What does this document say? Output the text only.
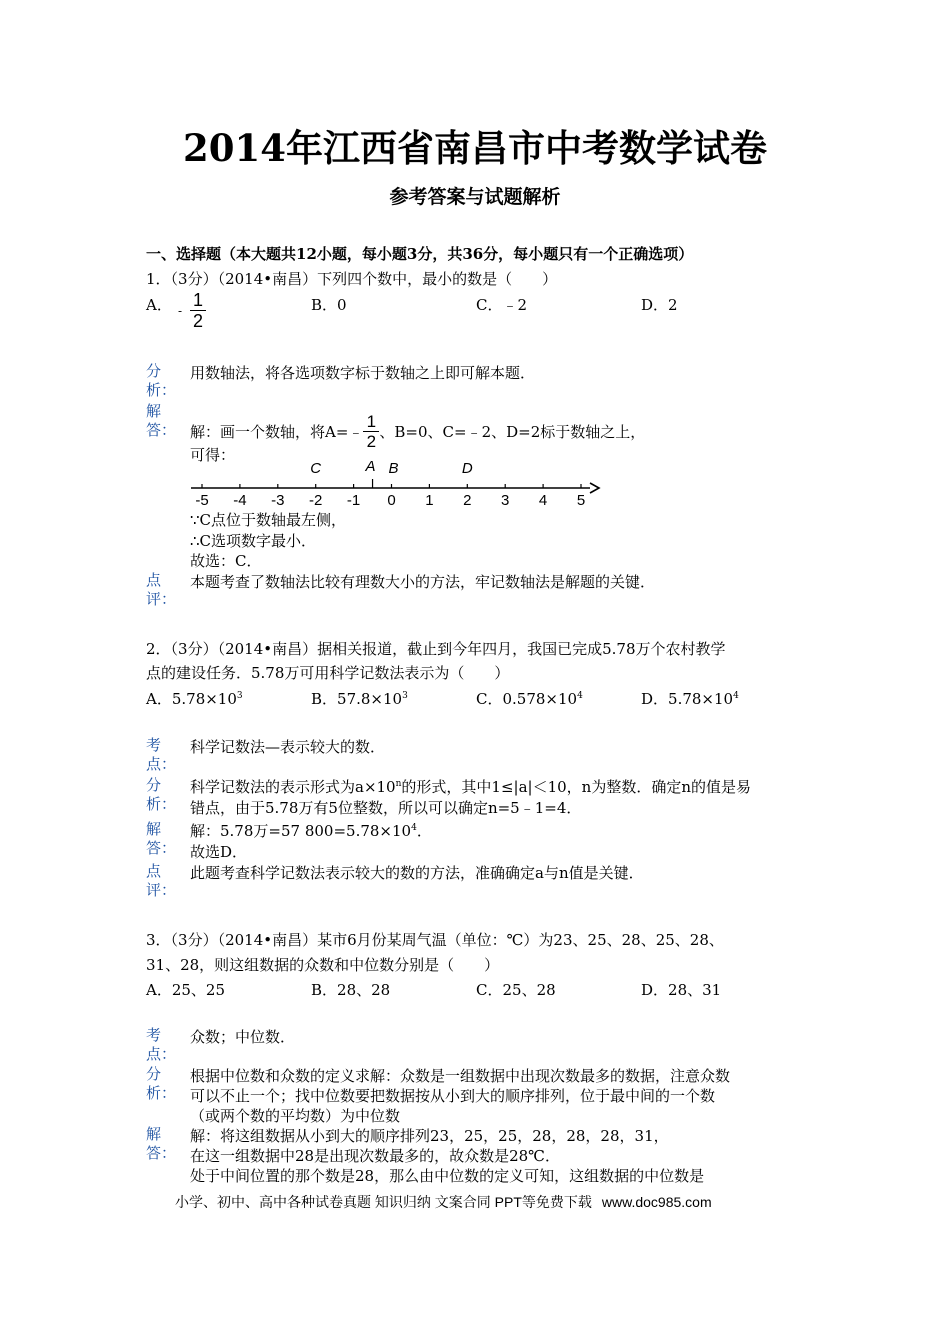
2014年江西省南昌市中考数学试卷
参考答案与试题解析
一、选择题（本大题共12小题，每小题3分，共36分，每小题只有一个正确选项）
1．（3分）（2014•南昌）下列四个数中，最小的数是（　　）
A． -
1
2
B．0	C．﹣2	D．2
分析：
用数轴法，将各选项数字标于数轴之上即可解本题．
解答： 解：画一个数轴，将A=﹣ $\frac{1}{2}$ 、B=0、C=﹣2、D=2标于数轴之上，
可得：
-5 -4 -3 -2 -1 0 1 2 3 4 5
C	A B	D
∵C点位于数轴最左侧，
∴C选项数字最小．
故选：C．
点评：
本题考查了数轴法比较有理数大小的方法，牢记数轴法是解题的关键．
2．（3分）（2014•南昌）据相关报道，截止到今年四月，我国已完成5.78万个农村教学
点的建设任务．5.78万可用科学记数法表示为（　　）
A．$5.78\times 10^3$	B．$57.8\times 10^3$	C．$0.578\times 10^4$	D．$5.78\times 10^4$
考点：
科学记数法—表示较大的数．
分析：
科学记数法的表示形式为$a\times 10^n$的形式，其中1≤|a|＜10，n为整数．确定n的值是易
错点，由于5.78万有5位整数，所以可以确定n=5﹣1=4．
解答：
解：5.78万=57 $800=5.78\times 10^4$．
故选D．
点评：
此题考查科学记数法表示较大的数的方法，准确确定a与n值是关键．
3．（3分）（2014•南昌）某市6月份某周气温（单位：℃）为23、25、28、25、28、
31、28，则这组数据的众数和中位数分别是（　　）
A．25、25	B．28、28	C．25、28	D．28、31
考点：
众数；中位数．
分析：
根据中位数和众数的定义求解：众数是一组数据中出现次数最多的数据，注意众数
可以不止一个；找中位数要把数据按从小到大的顺序排列，位于最中间的一个数
（或两个数的平均数）为中位数
解答：
解：将这组数据从小到大的顺序排列23，25，25，28，28，28，31，
在这一组数据中28是出现次数最多的，故众数是28℃．
处于中间位置的那个数是28，那么由中位数的定义可知，这组数据的中位数是
小学、初中、高中各种试卷真题 知识归纳 文案合同 PPT等免费下载 www.doc985.com
